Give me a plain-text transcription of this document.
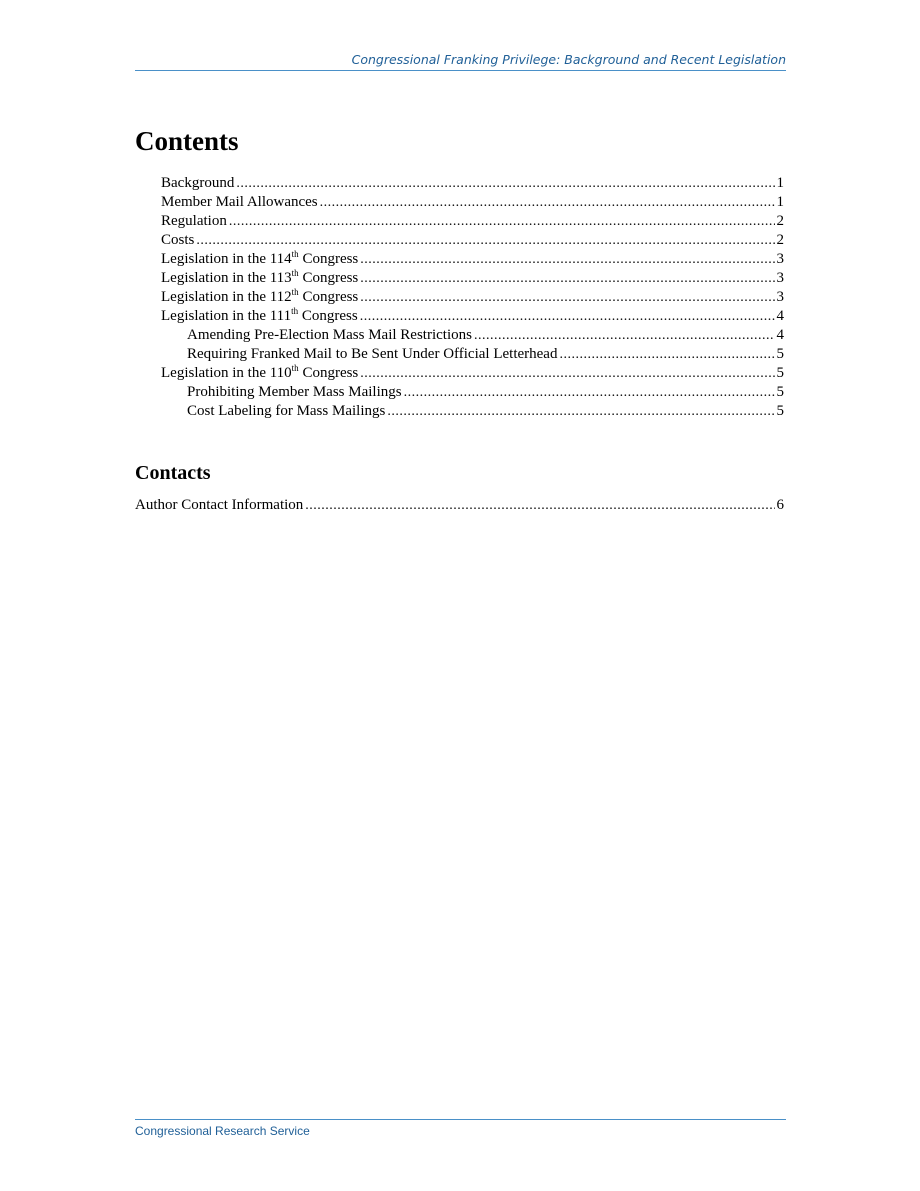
Congressional Franking Privilege: Background and Recent Legislation
Contents
Background .....	1
Member Mail Allowances .....	1
Regulation .....	2
Costs .....	2
Legislation in the 114th Congress .....	3
Legislation in the 113th Congress .....	3
Legislation in the 112th Congress .....	3
Legislation in the 111th Congress .....	4
Amending Pre-Election Mass Mail Restrictions .....	4
Requiring Franked Mail to Be Sent Under Official Letterhead .....	5
Legislation in the 110th Congress .....	5
Prohibiting Member Mass Mailings .....	5
Cost Labeling for Mass Mailings .....	5
Contacts
Author Contact Information .....	6
Congressional Research Service
